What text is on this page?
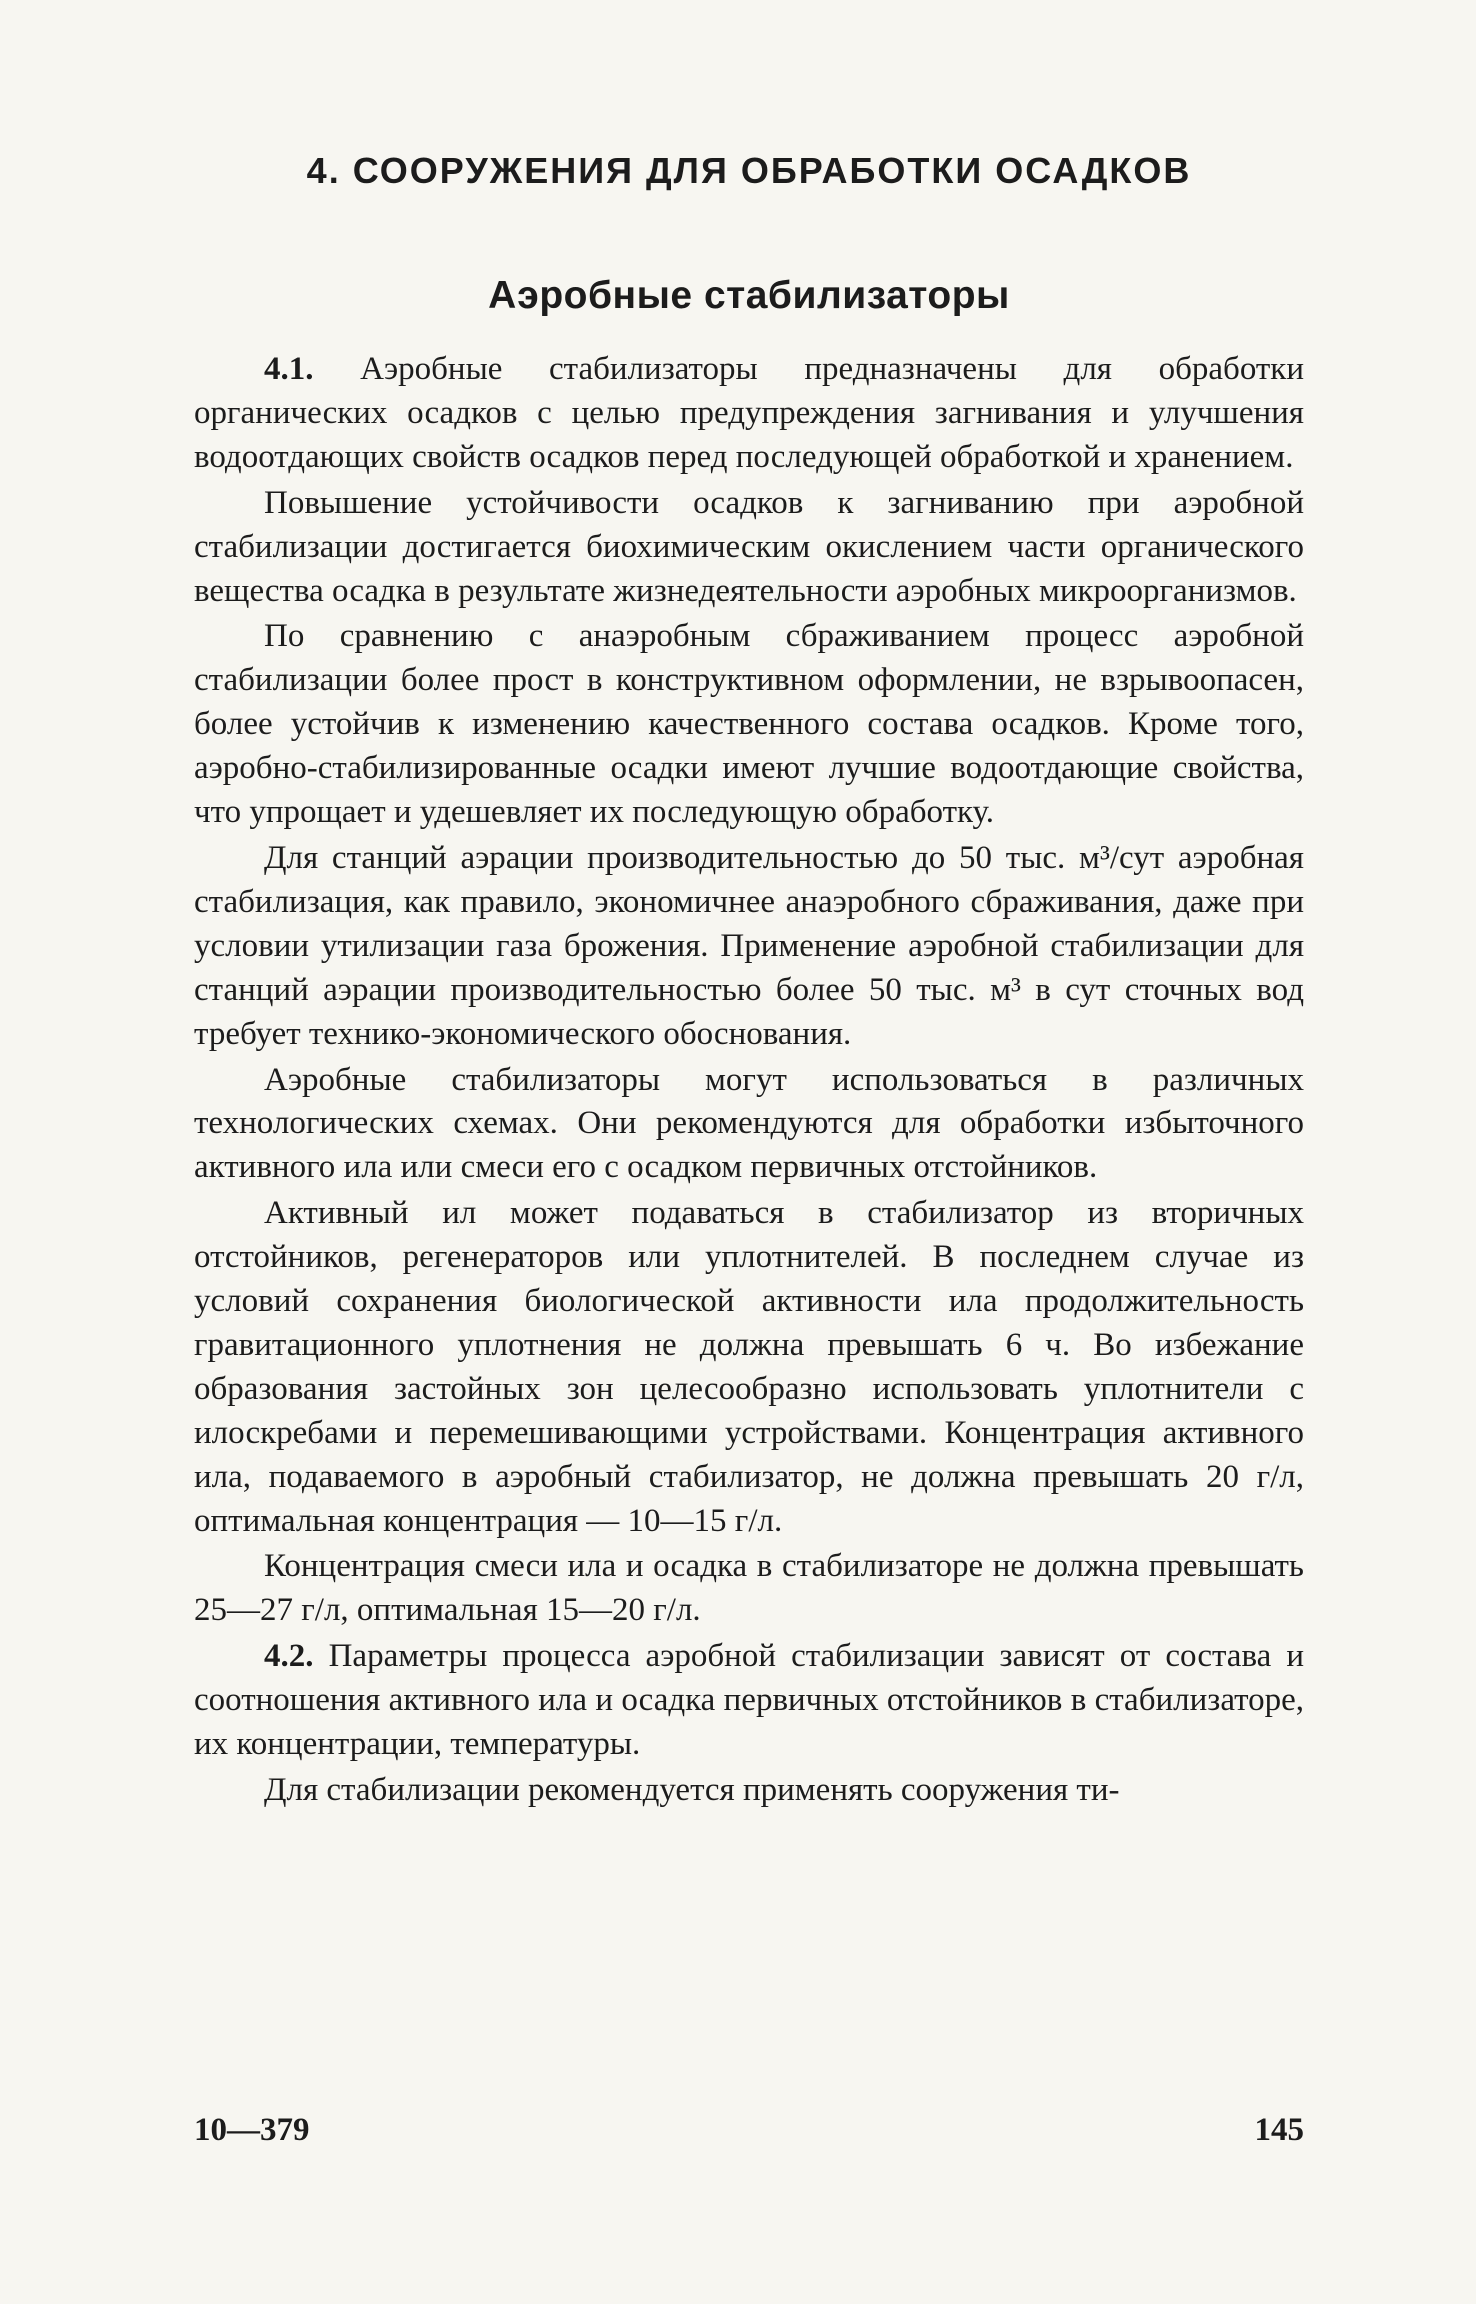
4. СООРУЖЕНИЯ ДЛЯ ОБРАБОТКИ ОСАДКОВ
Аэробные стабилизаторы

4.1. Аэробные стабилизаторы предназначены для обработки органических осадков с целью предупреждения загнивания и улучшения водоотдающих свойств осадков перед последующей обработкой и хранением.

Повышение устойчивости осадков к загниванию при аэробной стабилизации достигается биохимическим окислением части органического вещества осадка в результате жизнедеятельности аэробных микроорганизмов.

По сравнению с анаэробным сбраживанием процесс аэробной стабилизации более прост в конструктивном оформлении, не взрывоопасен, более устойчив к изменению качественного состава осадков. Кроме того, аэробно-стабилизированные осадки имеют лучшие водоотдающие свойства, что упрощает и удешевляет их последующую обработку.

Для станций аэрации производительностью до 50 тыс. м³/сут аэробная стабилизация, как правило, экономичнее анаэробного сбраживания, даже при условии утилизации газа брожения. Применение аэробной стабилизации для станций аэрации производительностью более 50 тыс. м³ в сут сточных вод требует технико-экономического обоснования.

Аэробные стабилизаторы могут использоваться в различных технологических схемах. Они рекомендуются для обработки избыточного активного ила или смеси его с осадком первичных отстойников.

Активный ил может подаваться в стабилизатор из вторичных отстойников, регенераторов или уплотнителей. В последнем случае из условий сохранения биологической активности ила продолжительность гравитационного уплотнения не должна превышать 6 ч. Во избежание образования застойных зон целесообразно использовать уплотнители с илоскребами и перемешивающими устройствами. Концентрация активного ила, подаваемого в аэробный стабилизатор, не должна превышать 20 г/л, оптимальная концентрация — 10—15 г/л.

Концентрация смеси ила и осадка в стабилизаторе не должна превышать 25—27 г/л, оптимальная 15—20 г/л.

4.2. Параметры процесса аэробной стабилизации зависят от состава и соотношения активного ила и осадка первичных отстойников в стабилизаторе, их концентрации, температуры.

Для стабилизации рекомендуется применять сооружения ти-

10—379	145
